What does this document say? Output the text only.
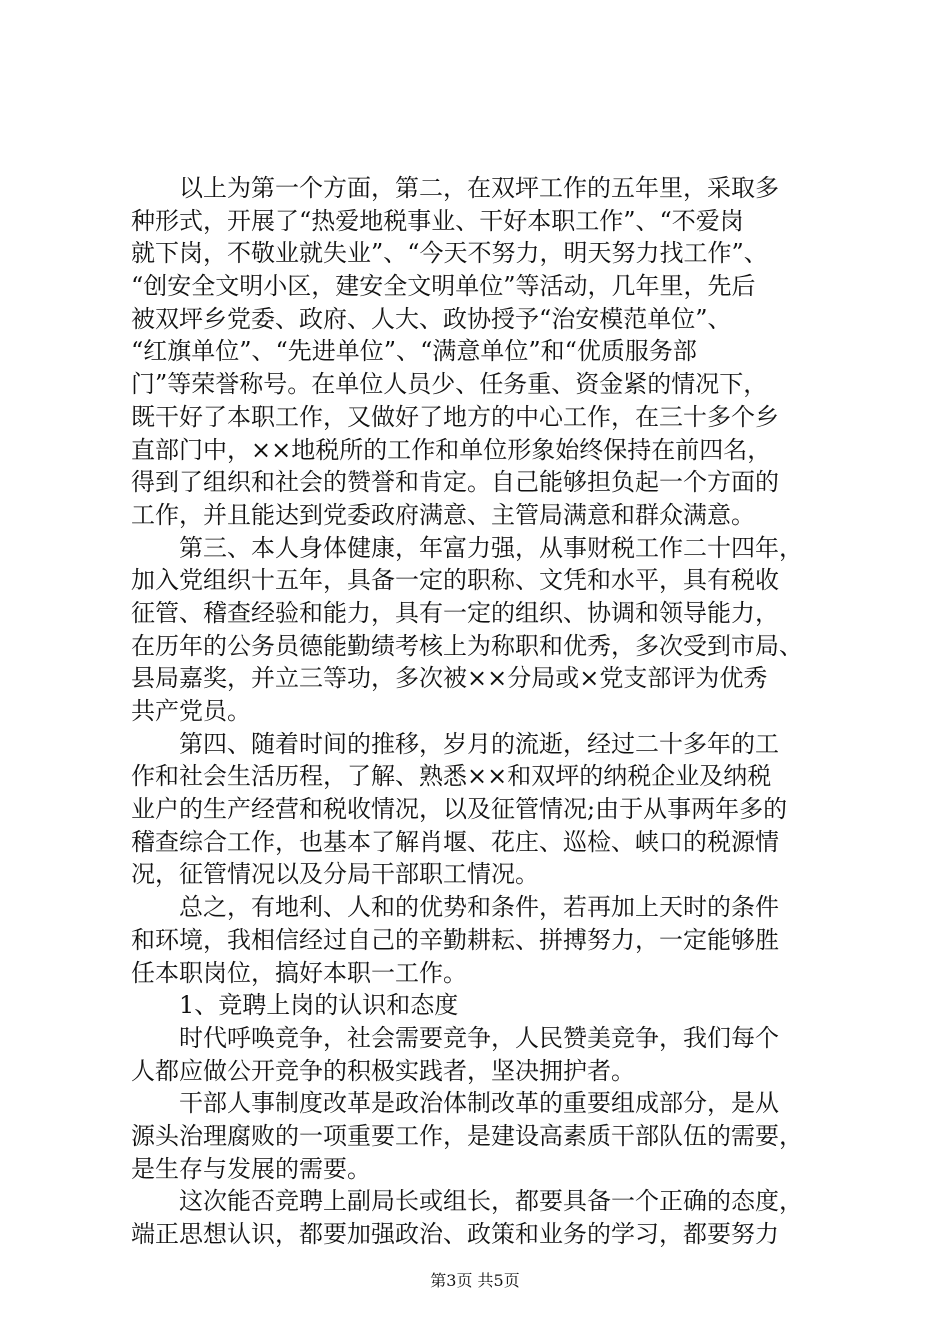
　　以上为第一个方面，第二，在双坪工作的五年里，采取多
种形式，开展了“热爱地税事业、干好本职工作”、“不爱岗
就下岗，不敬业就失业”、“今天不努力，明天努力找工作”、
“创安全文明小区，建安全文明单位”等活动，几年里，先后
被双坪乡党委、政府、人大、政协授予“治安模范单位”、
“红旗单位”、“先进单位”、“满意单位”和“优质服务部
门”等荣誉称号。在单位人员少、任务重、资金紧的情况下，
既干好了本职工作，又做好了地方的中心工作，在三十多个乡
直部门中，××地税所的工作和单位形象始终保持在前四名，
得到了组织和社会的赞誉和肯定。自己能够担负起一个方面的
工作，并且能达到党委政府满意、主管局满意和群众满意。
　　第三、本人身体健康，年富力强，从事财税工作二十四年，
加入党组织十五年，具备一定的职称、文凭和水平，具有税收
征管、稽查经验和能力，具有一定的组织、协调和领导能力，
在历年的公务员德能勤绩考核上为称职和优秀，多次受到市局、
县局嘉奖，并立三等功，多次被××分局或×党支部评为优秀
共产党员。
　　第四、随着时间的推移，岁月的流逝，经过二十多年的工
作和社会生活历程，了解、熟悉××和双坪的纳税企业及纳税
业户的生产经营和税收情况，以及征管情况;由于从事两年多的
稽查综合工作，也基本了解肖堰、花庄、巡检、峡口的税源情
况，征管情况以及分局干部职工情况。
　　总之，有地利、人和的优势和条件，若再加上天时的条件
和环境，我相信经过自己的辛勤耕耘、拼搏努力，一定能够胜
任本职岗位，搞好本职一工作。
　　1、竞聘上岗的认识和态度
　　时代呼唤竞争，社会需要竞争，人民赞美竞争，我们每个
人都应做公开竞争的积极实践者，坚决拥护者。
　　干部人事制度改革是政治体制改革的重要组成部分，是从
源头治理腐败的一项重要工作，是建设高素质干部队伍的需要，
是生存与发展的需要。
　　这次能否竞聘上副局长或组长，都要具备一个正确的态度，
端正思想认识，都要加强政治、政策和业务的学习，都要努力
第3页 共5页
